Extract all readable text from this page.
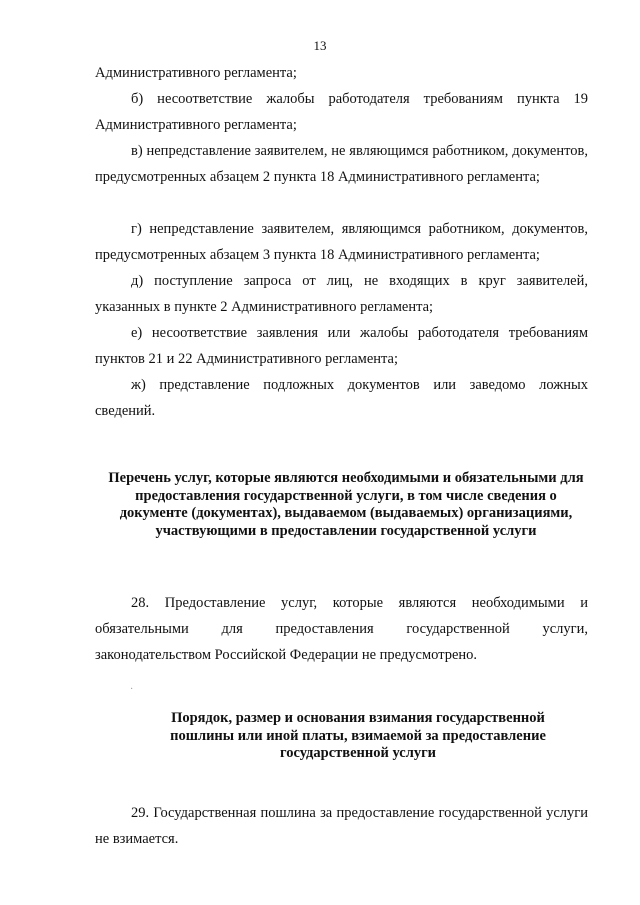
13
Административного регламента;
б) несоответствие жалобы работодателя требованиям пункта 19 Административного регламента;
в) непредставление заявителем, не являющимся работником, документов, предусмотренных абзацем 2 пункта 18 Административного регламента;
г) непредставление заявителем, являющимся работником, документов, предусмотренных абзацем 3 пункта 18 Административного регламента;
д) поступление запроса от лиц, не входящих в круг заявителей, указанных в пункте 2 Административного регламента;
е) несоответствие заявления или жалобы работодателя требованиям пунктов 21 и 22 Административного регламента;
ж) представление подложных документов или заведомо ложных сведений.
Перечень услуг, которые являются необходимыми и обязательными для предоставления государственной услуги, в том числе сведения о документе (документах), выдаваемом (выдаваемых) организациями, участвующими в предоставлении государственной услуги
28. Предоставление услуг, которые являются необходимыми и обязательными для предоставления государственной услуги, законодательством Российской Федерации не предусмотрено.
·
Порядок, размер и основания взимания государственной пошлины или иной платы, взимаемой за предоставление государственной услуги
29. Государственная пошлина за предоставление государственной услуги не взимается.
